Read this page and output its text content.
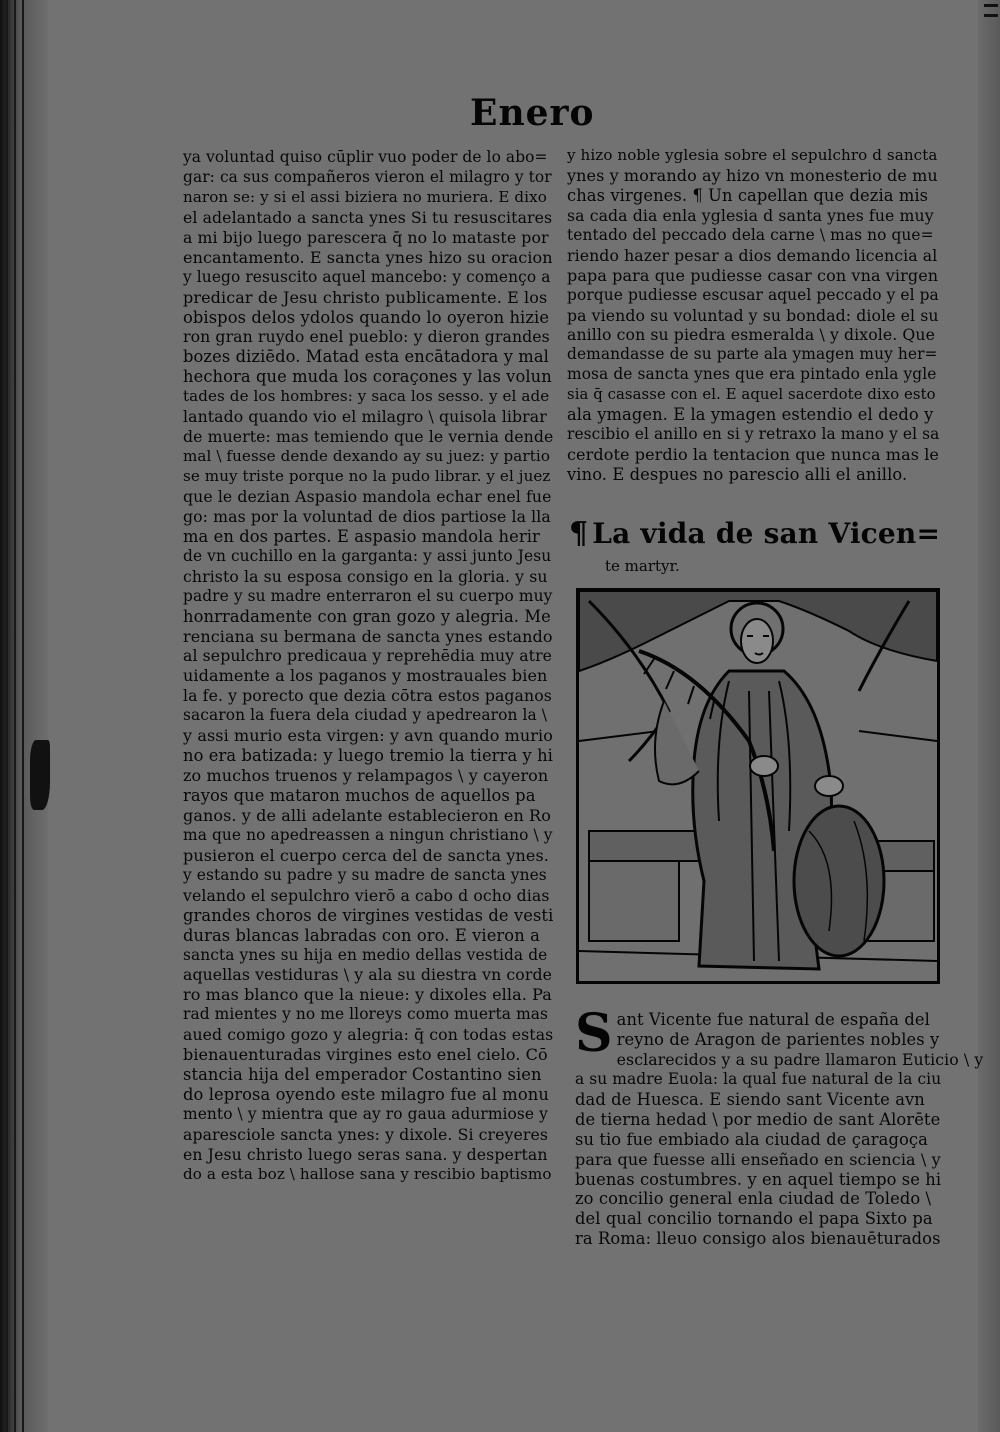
Enero
ya voluntad quiso cūplir vuo poder de lo abo=
gar: ca sus compañeros vieron el milagro y tor
naron se: y si el assi biziera no muriera. E dixo
el adelantado a sancta ynes Si tu resuscitares
a mi bijo luego parescera q̄ no lo mataste por
encantamento. E sancta ynes hizo su oracion
y luego resuscito aquel mancebo: y començo a
predicar de Jesu christo publicamente. E los
obispos delos ydolos quando lo oyeron hizie
ron gran ruydo enel pueblo: y dieron grandes
bozes diziēdo. Matad esta encātadora y mal
hechora que muda los coraçones y las volun
tades de los hombres: y saca los sesso. y el ade
lantado quando vio el milagro \ quisola librar
de muerte: mas temiendo que le vernia dende
mal \ fuesse dende dexando ay su juez: y partio
se muy triste porque no la pudo librar. y el juez
que le dezian Aspasio mandola echar enel fue
go: mas por la voluntad de dios partiose la lla
ma en dos partes. E aspasio mandola herir
de vn cuchillo en la garganta: y assi junto Jesu
christo la su esposa consigo en la gloria. y su
padre y su madre enterraron el su cuerpo muy
honrradamente con gran gozo y alegria. Me
renciana su bermana de sancta ynes estando
al sepulchro predicaua y reprehēdia muy atre
uidamente a los paganos y mostrauales bien
la fe. y porесto que dezia cōtra estos paganos
sacaron la fuera dela ciudad y apedrearon la \
y assi murio esta virgen: y avn quando murio
no era batizada: y luego tremio la tierra y hi
zo muchos truenos y relampagos \ y cayeron
rayos que mataron muchos de aquellos pa
ganos. y de alli adelante establecieron en Ro
ma que no apedreassen a ningun christiano \ y
pusieron el cuerpo cerca del de sancta ynes.
y estando su padre y su madre de sancta ynes
velando el sepulchro vierō a cabo d ocho dias
grandes choros de virgines vestidas de vesti
duras blancas labradas con oro. E vieron a
sancta ynes su hija en medio dellas vestida de
aquellas vestiduras \ y ala su diestra vn corde
ro mas blanco que la nieue: y dixoles ella. Pa
rad mientes y no me lloreys como muerta mas
aued comigo gozo y alegria: q̄ con todas estas
bienauenturadas virgines esto enel cielo. Cō
stancia hija del emperador Costantino sien
do leprosa oyendo este milagro fue al monu
mento \ y mientra que ay ro gaua adurmiose y
aparesciole sancta ynes: y dixole. Si creyeres
en Jesu christo luego seras sana. y despertan
do a esta boz \ hallose sana y rescibio baptismo
y hizo noble yglesia sobre el sepulchro d sancta
ynes y morando ay hizo vn monesterio de mu
chas virgenes. ¶ Un capellan que dezia mis
sa cada dia enla yglesia d santa ynes fue muy
tentado del peccado dela carne \ mas no que=
riendo hazer pesar a dios demando licencia al
papa para que pudiesse casar con vna virgen
porque pudiesse escusar aquel peccado y el pa
pa viendo su voluntad y su bondad: diole el su
anillo con su piedra esmeralda \ y dixole. Que
demandasse de su parte ala ymagen muy her=
mosa de sancta ynes que era pintado enla ygle
sia q̄ casasse con el. E aquel sacerdote dixo esto
ala ymagen. E la ymagen estendio el dedo y
rescibio el anillo en si y retraxo la mano y el sa
cerdote perdio la tentacion que nunca mas le
vino. E despues no parescio alli el anillo.
¶ La vida de san Vicen=
te martyr.
Sant Vicente fue natural de españa del
reyno de Aragon de parientes nobles y
esclarecidos y a su padre llamaron Euticio \ y
a su madre Euola: la qual fue natural de la ciu
dad de Huesca. E siendo sant Vicente avn
de tierna hedad \ por medio de sant Alorēte
su tio fue embiado ala ciudad de çaragoça
para que fuesse alli enseñado en sciencia \ y
buenas costumbres. y en aquel tiempo se hi
zo concilio general enla ciudad de Toledo \
del qual concilio tornando el papa Sixto pa
ra Roma: lleuo consigo alos bienauēturados
